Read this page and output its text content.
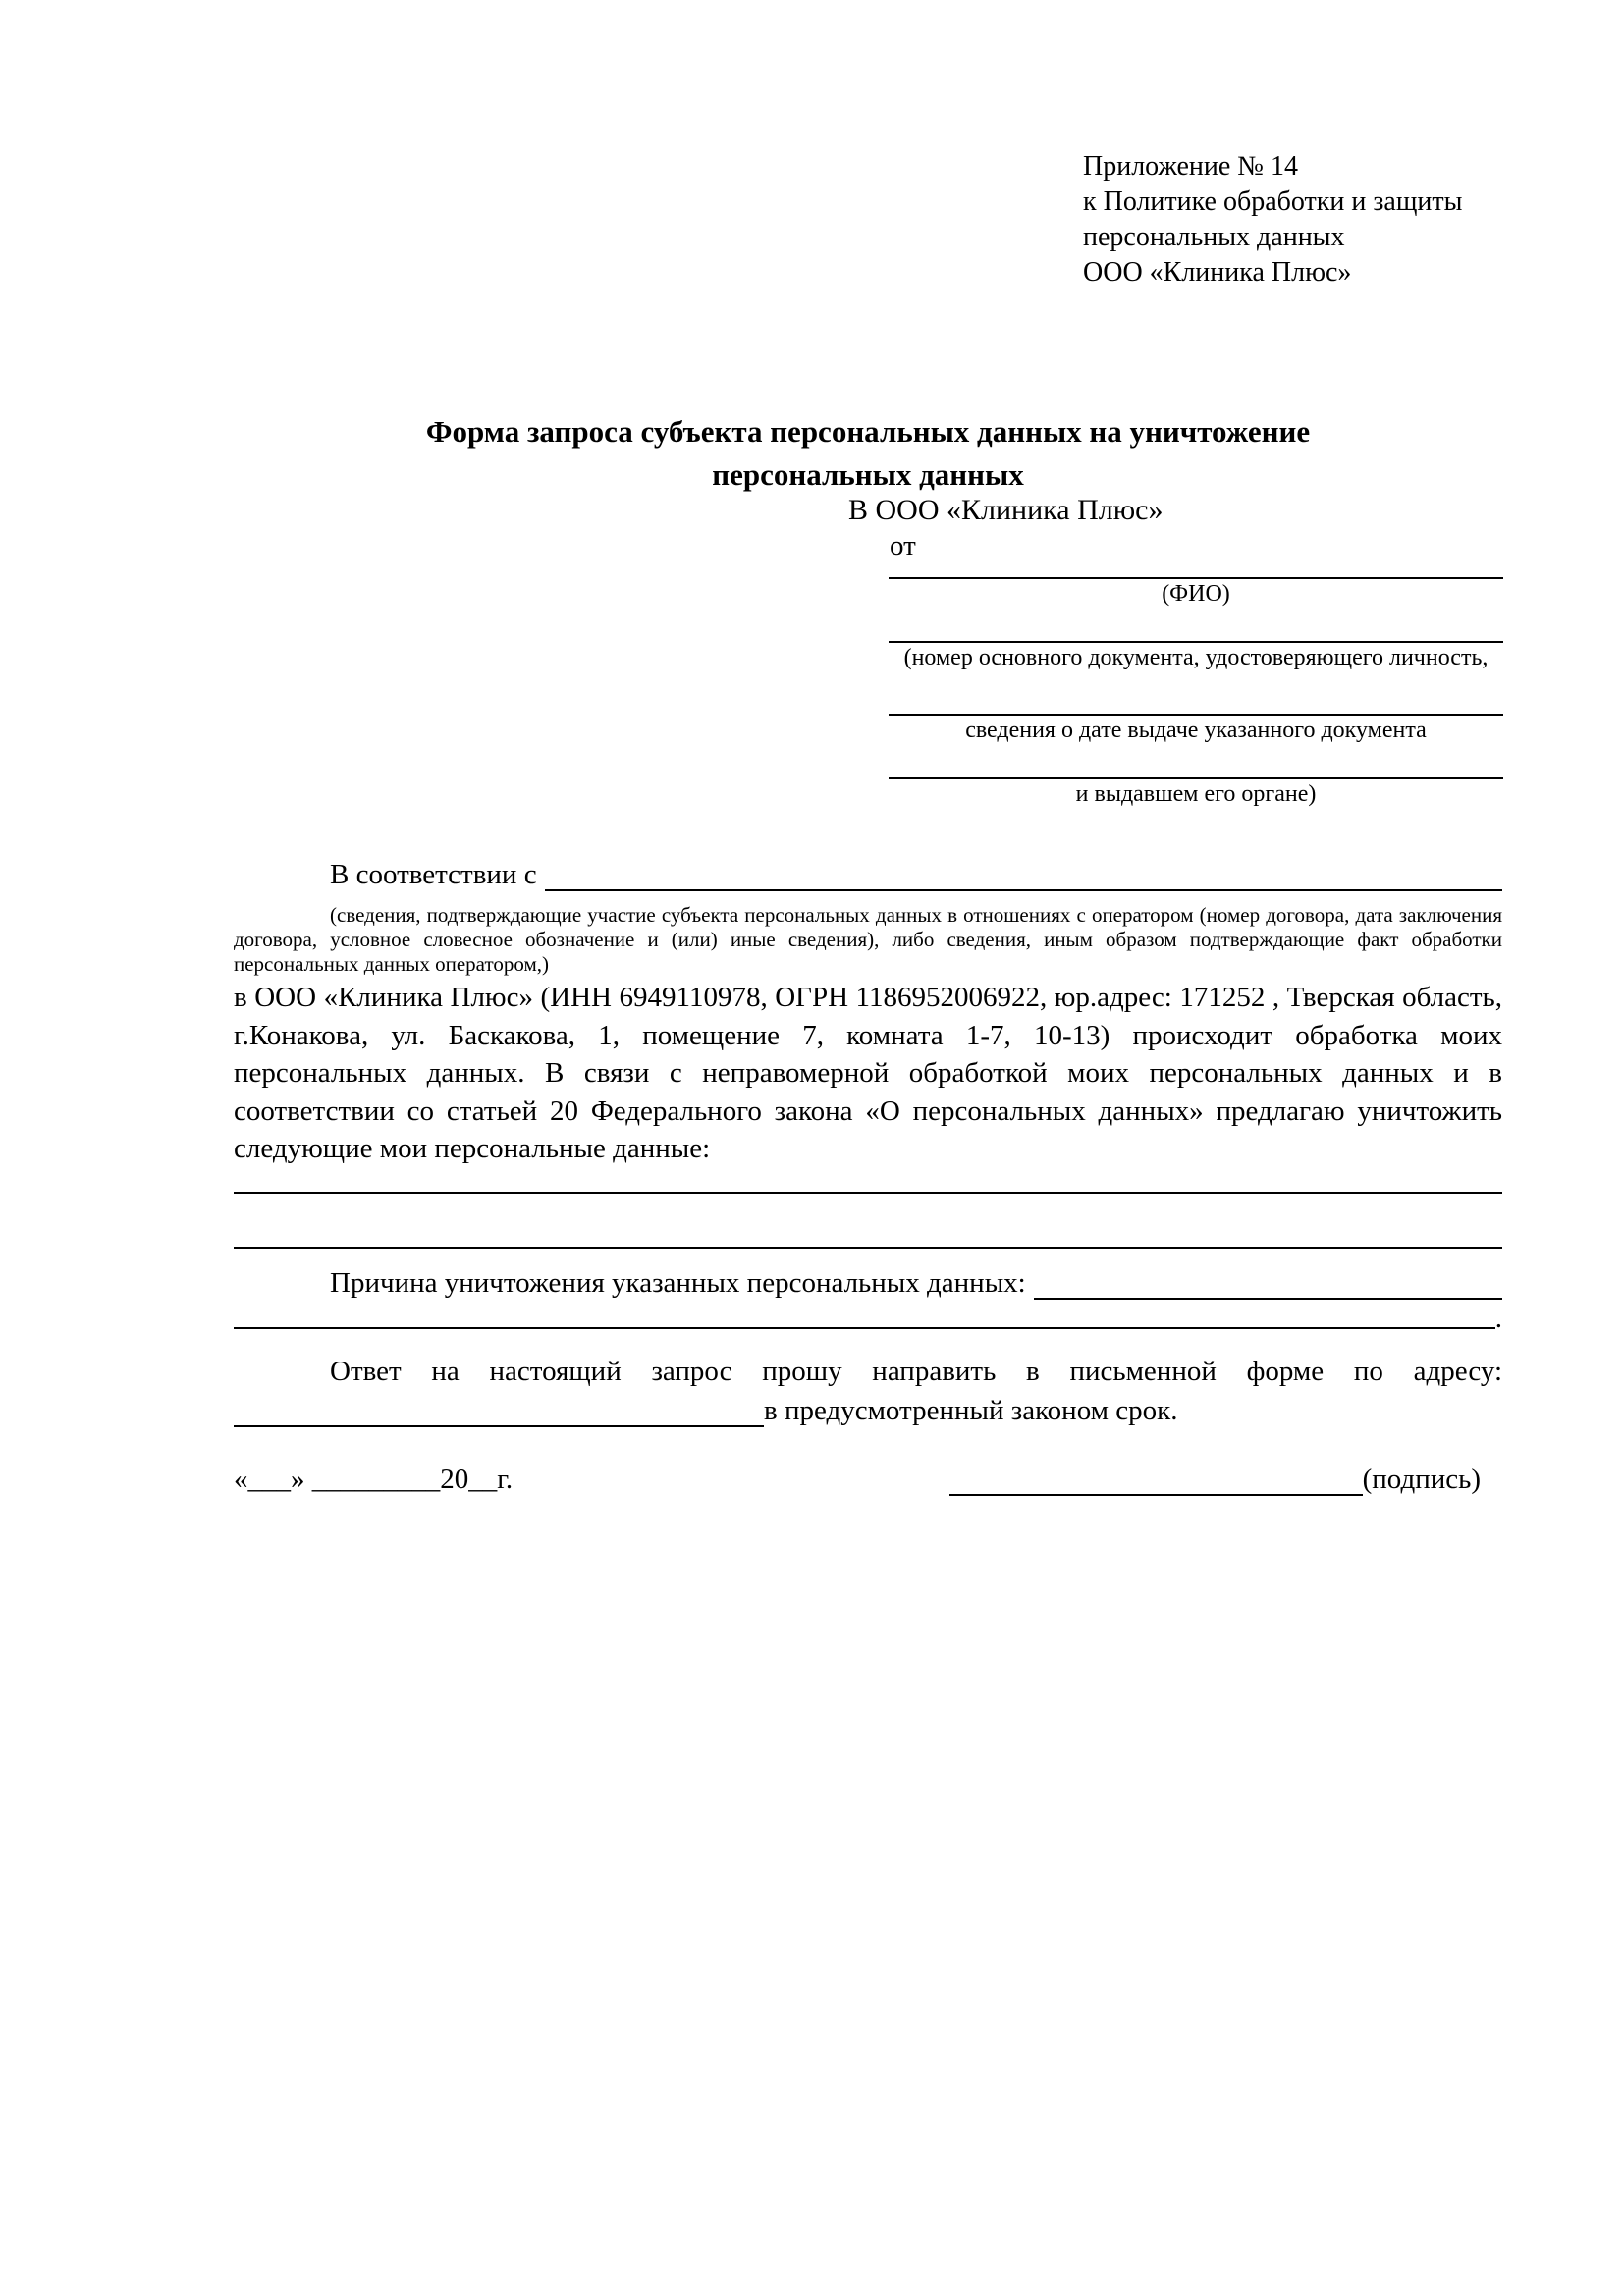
Приложение № 14
к Политике обработки и защиты
персональных данных
ООО «Клиника Плюс»
Форма запроса субъекта персональных данных на уничтожение
персональных данных
В ООО «Клиника Плюс»
от
(ФИО)
(номер основного документа, удостоверяющего личность,
сведения о дате выдаче указанного документа
и выдавшем его органе)
В соответствии с
(сведения, подтверждающие участие субъекта персональных данных в отношениях с оператором (номер договора, дата заключения договора, условное словесное обозначение и (или) иные сведения), либо сведения, иным образом подтверждающие факт обработки персональных данных оператором,)
в ООО «Клиника Плюс» (ИНН 6949110978, ОГРН 1186952006922, юр.адрес: 171252 , Тверская область, г.Конакова, ул. Баскакова, 1, помещение 7, комната 1-7, 10-13) происходит обработка моих персональных данных. В связи с неправомерной обработкой моих персональных данных и в соответствии со статьей 20 Федерального закона «О персональных данных» предлагаю уничтожить следующие мои персональные данные:
Причина уничтожения указанных персональных данных:
.
Ответ на настоящий запрос прошу направить в письменной форме по адресу:
в предусмотренный законом срок.
«___» _________20__г.	(подпись)
